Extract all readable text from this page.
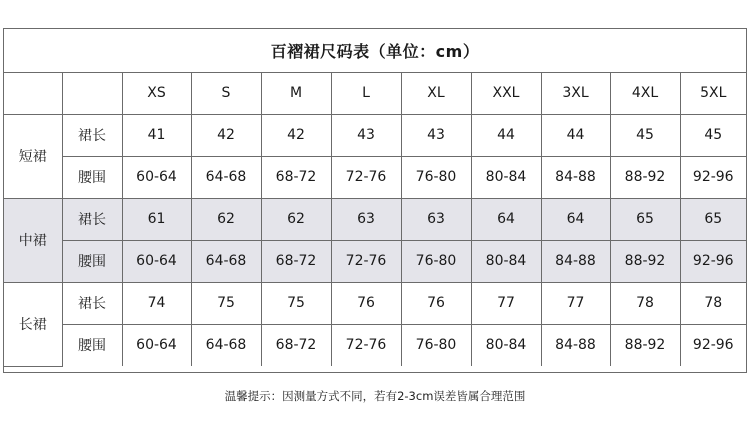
百褶裙尺码表（单位：cm）
		XS	S	M	L	XL	XXL	3XL	4XL	5XL
短裙	裙长	41	42	42	43	43	44	44	45	45
	腰围	60-64	64-68	68-72	72-76	76-80	80-84	84-88	88-92	92-96
中裙	裙长	61	62	62	63	63	64	64	65	65
	腰围	60-64	64-68	68-72	72-76	76-80	80-84	84-88	88-92	92-96
长裙	裙长	74	75	75	76	76	77	77	78	78
	腰围	60-64	64-68	68-72	72-76	76-80	80-84	84-88	88-92	92-96
温馨提示：因测量方式不同，若有2-3cm误差皆属合理范围
